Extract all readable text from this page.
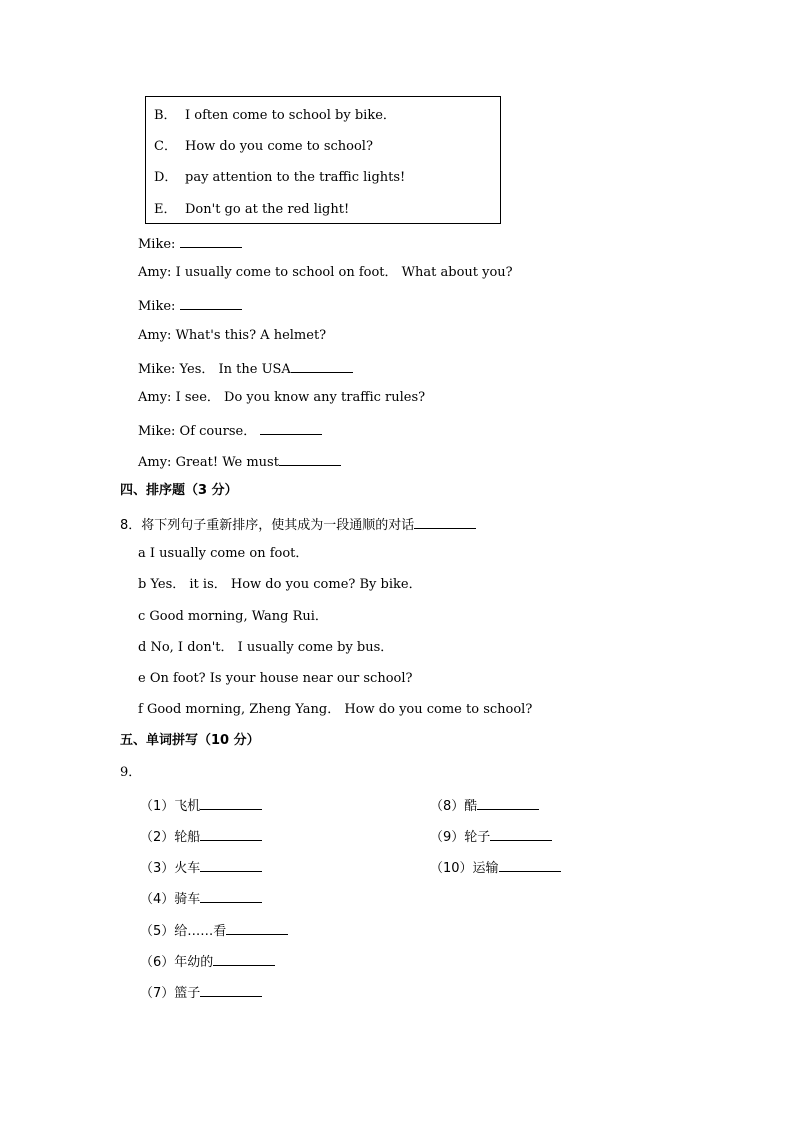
B． I often come to school by bike．
C． How do you come to school?
D． pay attention to the traffic lights!
E． Don't go at the red light!
Mike:
Amy: I usually come to school on foot． What about you?
Mike:
Amy: What's this? A helmet?
Mike: Yes． In the USA
Amy: I see． Do you know any traffic rules?
Mike: Of course．
Amy: Great! We must
四、排序题（3 分）
8．将下列句子重新排序，使其成为一段通顺的对话
a I usually come on foot．
b Yes． it is． How do you come? By bike．
c Good morning, Wang Rui．
d No, I don't． I usually come by bus．
e On foot? Is your house near our school?
f Good morning, Zheng Yang． How do you come to school?
五、单词拼写（10 分）
9．
（1）飞机
（2）轮船
（3）火车
（4）骑车
（5）给……看
（6）年幼的
（7）篮子
（8）酷
（9）轮子
（10）运输
